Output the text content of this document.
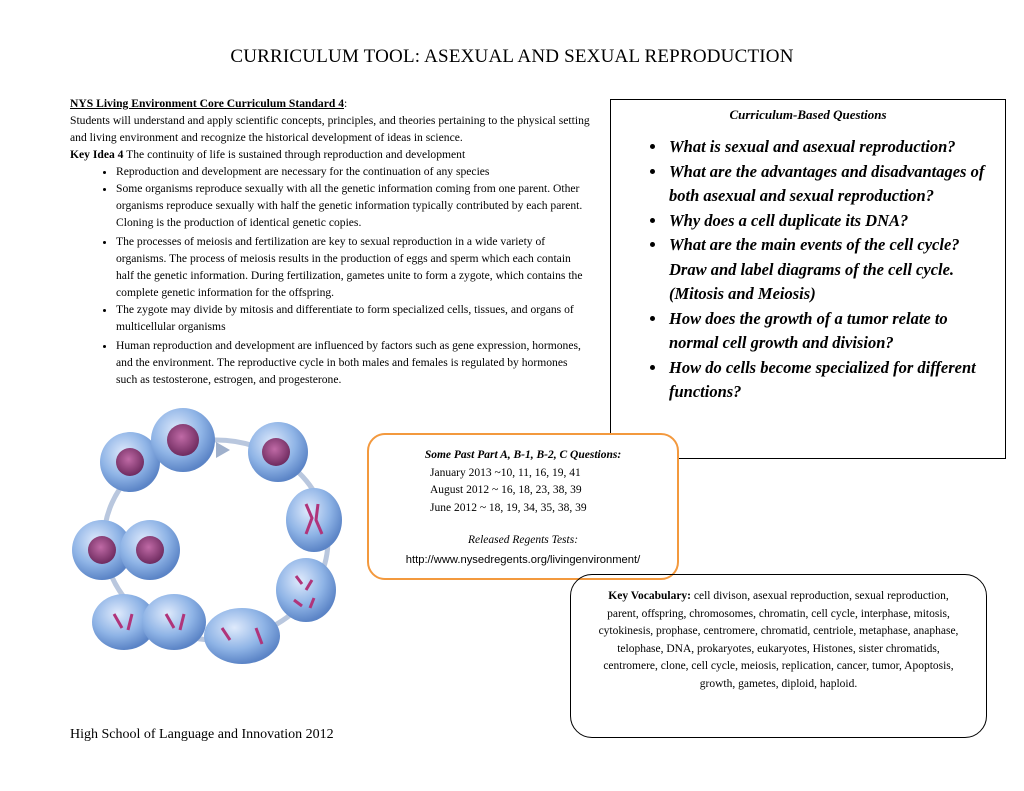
CURRICULUM TOOL: ASEXUAL AND SEXUAL REPRODUCTION
NYS Living Environment Core Curriculum Standard 4:
Students will understand and apply scientific concepts, principles, and theories pertaining to the physical setting and living environment and recognize the historical development of ideas in science.
Key Idea 4 The continuity of life is sustained through reproduction and development
• Reproduction and development are necessary for the continuation of any species
• Some organisms reproduce sexually with all the genetic information coming from one parent. Other organisms reproduce sexually with half the genetic information typically contributed by each parent. Cloning is the production of identical genetic copies.
• The processes of meiosis and fertilization are key to sexual reproduction in a wide variety of organisms. The process of meiosis results in the production of eggs and sperm which each contain half the genetic information. During fertilization, gametes unite to form a zygote, which contains the complete genetic information for the offspring.
• The zygote may divide by mitosis and differentiate to form specialized cells, tissues, and organs of multicellular organisms
• Human reproduction and development are influenced by factors such as gene expression, hormones, and the environment. The reproductive cycle in both males and females is regulated by hormones such as testosterone, estrogen, and progesterone.
Curriculum-Based Questions
• What is sexual and asexual reproduction?
• What are the advantages and disadvantages of both asexual and sexual reproduction?
• Why does a cell duplicate its DNA?
• What are the main events of the cell cycle? Draw and label diagrams of the cell cycle. (Mitosis and Meiosis)
• How does the growth of a tumor relate to normal cell growth and division?
• How do cells become specialized for different functions?
Some Past Part A, B-1, B-2, C Questions:
January 2013 ~10, 11, 16, 19, 41
August 2012 ~ 16, 18, 23, 38, 39
June 2012 ~ 18, 19, 34, 35, 38, 39
Released Regents Tests:
http://www.nysedregents.org/livingenvironment/
Key Vocabulary: cell divison, asexual reproduction, sexual reproduction, parent, offspring, chromosomes, chromatin, cell cycle, interphase, mitosis, cytokinesis, prophase, centromere, chromatid, centriole, metaphase, anaphase, telophase, DNA, prokaryotes, eukaryotes, Histones, sister chromatids, centromere, clone, cell cycle, meiosis, replication, cancer, tumor, Apoptosis, growth, gametes, diploid, haploid.
High School of Language and Innovation 2012
